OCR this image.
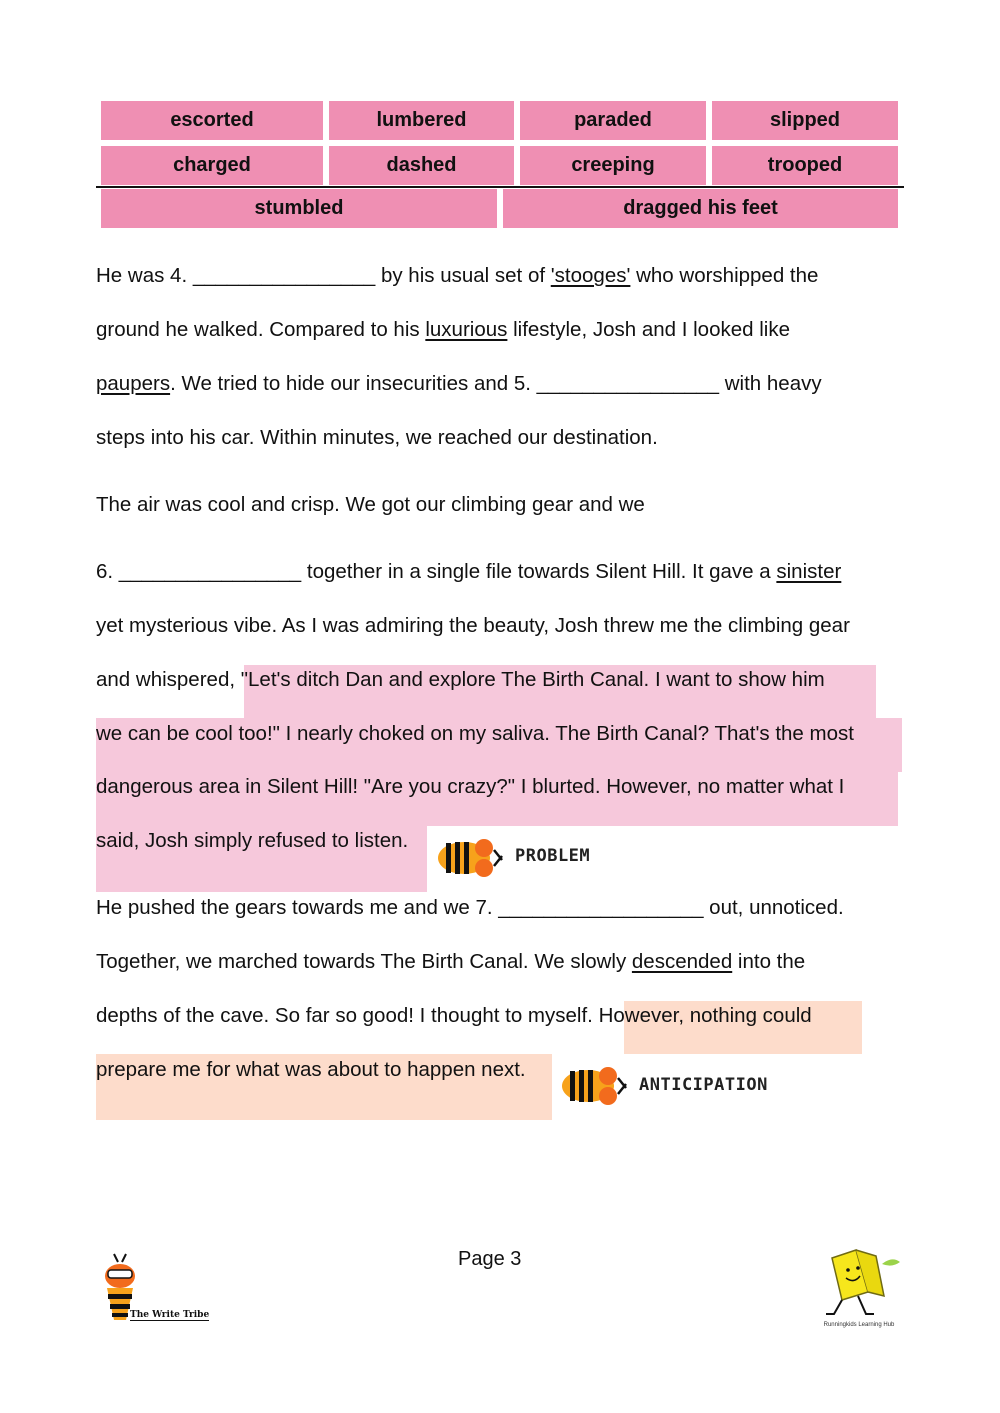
escorted	lumbered	paraded	slipped
charged	dashed	creeping	trooped
stumbled	dragged his feet
He was 4. ________________ by his usual set of 'stooges' who worshipped the
ground he walked. Compared to his luxurious lifestyle, Josh and I looked like
paupers. We tried to hide our insecurities and 5. ________________ with heavy
steps into his car. Within minutes, we reached our destination.
The air was cool and crisp. We got our climbing gear and we
6. ________________ together in a single file towards Silent Hill. It gave a sinister
yet mysterious vibe. As I was admiring the beauty, Josh threw me the climbing gear
and whispered, "Let's ditch Dan and explore The Birth Canal. I want to show him
we can be cool too!" I nearly choked on my saliva. The Birth Canal? That's the most
dangerous area in Silent Hill! "Are you crazy?" I blurted. However, no matter what I
said, Josh simply refused to listen.
He pushed the gears towards me and we 7. __________________ out, unnoticed.
Together, we marched towards The Birth Canal. We slowly descended into the
depths of the cave. So far so good! I thought to myself. However, nothing could
prepare me for what was about to happen next.
PROBLEM
ANTICIPATION
Page 3
The Write Tribe
Runningkids Learning Hub
